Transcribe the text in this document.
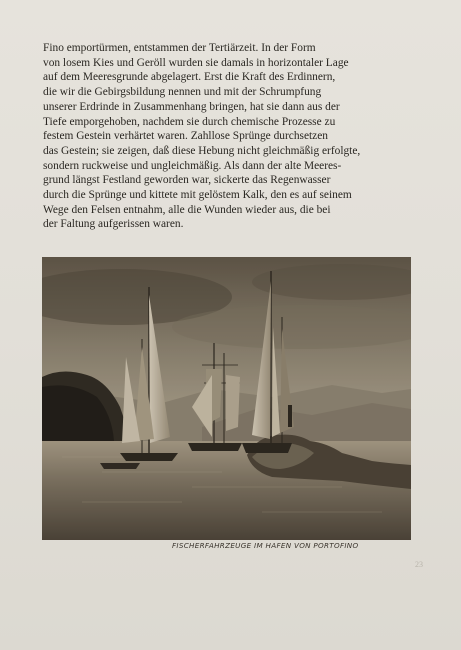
Fino emportürmen, entstammen der Tertiärzeit. In der Form
von losem Kies und Geröll wurden sie damals in horizontaler Lage
auf dem Meeresgrunde abgelagert. Erst die Kraft des Erdinnern,
die wir die Gebirgsbildung nennen und mit der Schrumpfung
unserer Erdrinde in Zusammenhang bringen, hat sie dann aus der
Tiefe emporgehoben, nachdem sie durch chemische Prozesse zu
festem Gestein verhärtet waren. Zahllose Sprünge durchsetzen
das Gestein; sie zeigen, daß diese Hebung nicht gleichmäßig erfolgte,
sondern ruckweise und ungleichmäßig. Als dann der alte Meeres-
grund längst Festland geworden war, sickerte das Regenwasser
durch die Sprünge und kittete mit gelöstem Kalk, den es auf seinem
Wege den Felsen entnahm, alle die Wunden wieder aus, die bei
der Faltung aufgerissen waren.
FISCHERFAHRZEUGE IM HAFEN VON PORTOFINO
23
